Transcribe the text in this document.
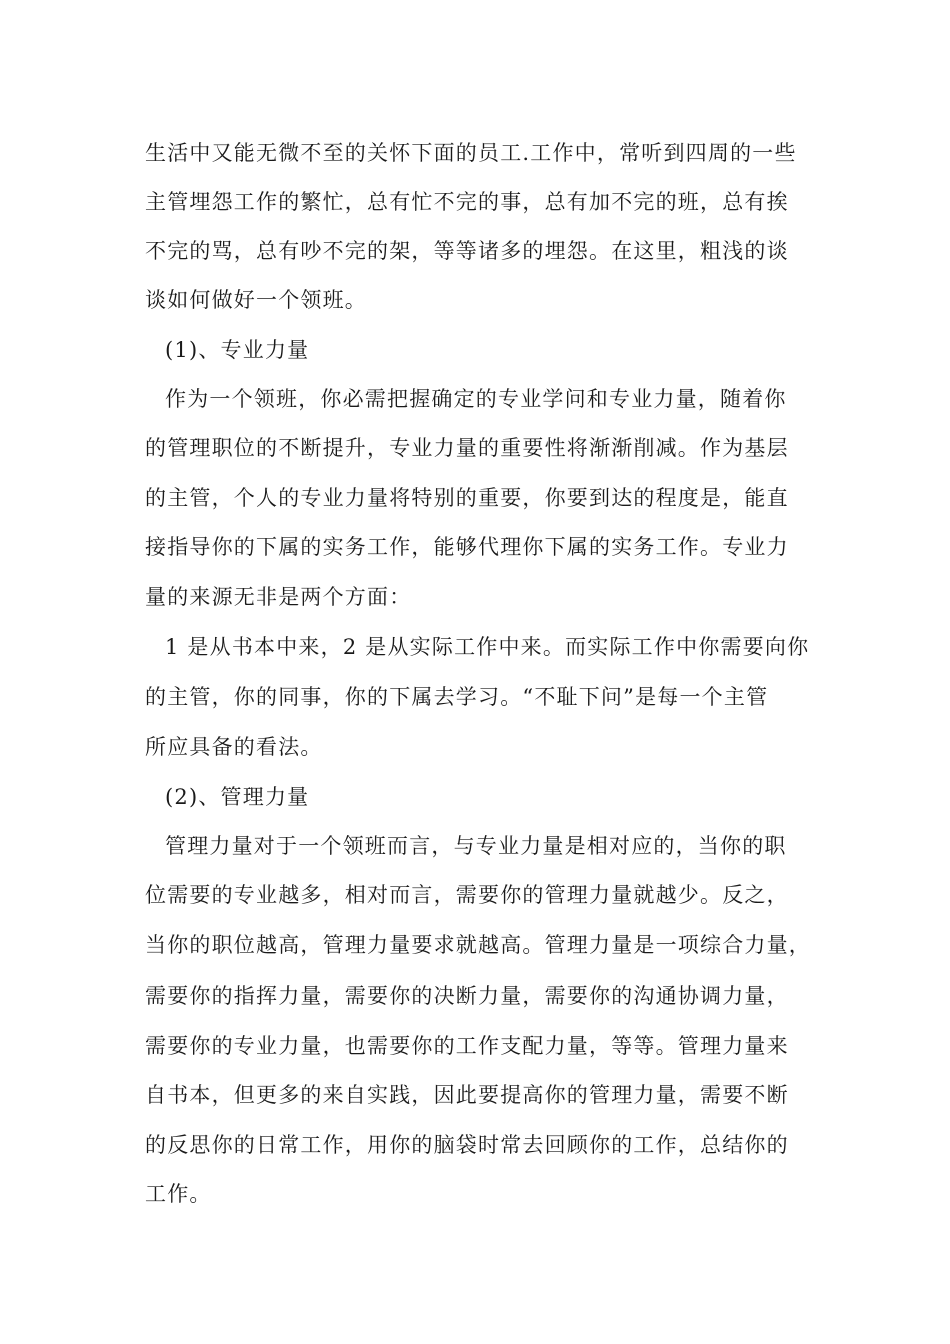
生活中又能无微不至的关怀下面的员工.工作中，常听到四周的一些
主管埋怨工作的繁忙，总有忙不完的事，总有加不完的班，总有挨
不完的骂，总有吵不完的架，等等诸多的埋怨。在这里，粗浅的谈
谈如何做好一个领班。
(1)、专业力量
作为一个领班，你必需把握确定的专业学问和专业力量，随着你
的管理职位的不断提升，专业力量的重要性将渐渐削减。作为基层
的主管，个人的专业力量将特别的重要，你要到达的程度是，能直
接指导你的下属的实务工作，能够代理你下属的实务工作。专业力
量的来源无非是两个方面：
1 是从书本中来，2 是从实际工作中来。而实际工作中你需要向你
的主管，你的同事，你的下属去学习。“不耻下问”是每一个主管
所应具备的看法。
(2)、管理力量
管理力量对于一个领班而言，与专业力量是相对应的，当你的职
位需要的专业越多，相对而言，需要你的管理力量就越少。反之，
当你的职位越高，管理力量要求就越高。管理力量是一项综合力量，
需要你的指挥力量，需要你的决断力量，需要你的沟通协调力量，
需要你的专业力量，也需要你的工作支配力量，等等。管理力量来
自书本，但更多的来自实践，因此要提高你的管理力量，需要不断
的反思你的日常工作，用你的脑袋时常去回顾你的工作，总结你的
工作。
